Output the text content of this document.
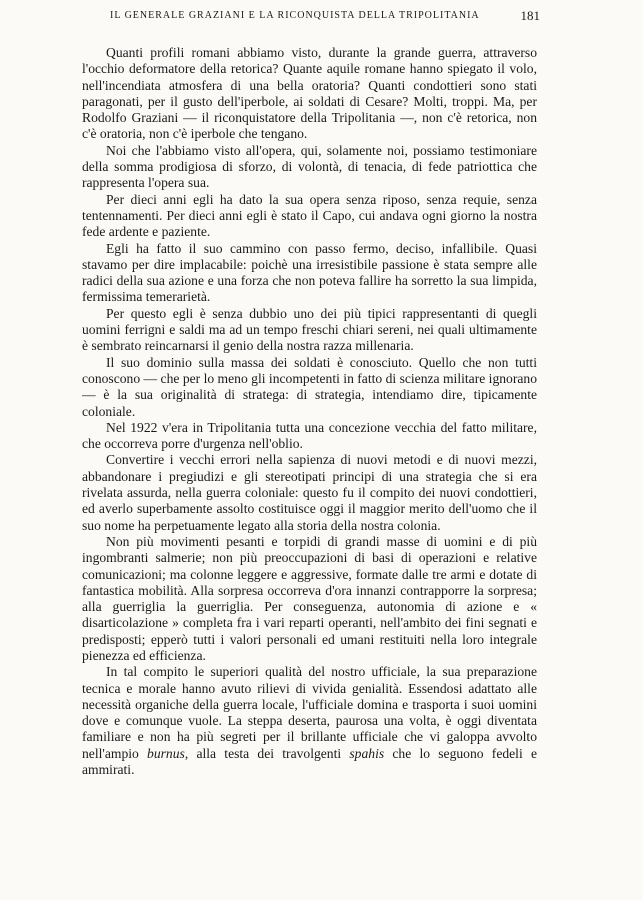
IL GENERALE GRAZIANI E LA RICONQUISTA DELLA TRIPOLITANIA	181

Quanti profili romani abbiamo visto, durante la grande guerra, attraverso l'occhio deformatore della retorica? Quante aquile romane hanno spiegato il volo, nell'incendiata atmosfera di una bella oratoria? Quanti condottieri sono stati paragonati, per il gusto dell'iperbole, ai soldati di Cesare? Molti, troppi. Ma, per Rodolfo Graziani — il riconquistatore della Tripolitania —, non c'è retorica, non c'è oratoria, non c'è iperbole che tengano.

Noi che l'abbiamo visto all'opera, qui, solamente noi, possiamo testimoniare della somma prodigiosa di sforzo, di volontà, di tenacia, di fede patriottica che rappresenta l'opera sua.

Per dieci anni egli ha dato la sua opera senza riposo, senza requie, senza tentennamenti. Per dieci anni egli è stato il Capo, cui andava ogni giorno la nostra fede ardente e paziente.

Egli ha fatto il suo cammino con passo fermo, deciso, infallibile. Quasi stavamo per dire implacabile: poichè una irresistibile passione è stata sempre alle radici della sua azione e una forza che non poteva fallire ha sorretto la sua limpida, fermissima temerarietà.

Per questo egli è senza dubbio uno dei più tipici rappresentanti di quegli uomini ferrigni e saldi ma ad un tempo freschi chiari sereni, nei quali ultimamente è sembrato reincarnarsi il genio della nostra razza millenaria.

Il suo dominio sulla massa dei soldati è conosciuto. Quello che non tutti conoscono — che per lo meno gli incompetenti in fatto di scienza militare ignorano — è la sua originalità di stratega: di strategia, intendiamo dire, tipicamente coloniale.

Nel 1922 v'era in Tripolitania tutta una concezione vecchia del fatto militare, che occorreva porre d'urgenza nell'oblio.

Convertire i vecchi errori nella sapienza di nuovi metodi e di nuovi mezzi, abbandonare i pregiudizi e gli stereotipati principi di una strategia che si era rivelata assurda, nella guerra coloniale: questo fu il compito dei nuovi condottieri, ed averlo superbamente assolto costituisce oggi il maggior merito dell'uomo che il suo nome ha perpetuamente legato alla storia della nostra colonia.

Non più movimenti pesanti e torpidi di grandi masse di uomini e di più ingombranti salmerie; non più preoccupazioni di basi di operazioni e relative comunicazioni; ma colonne leggere e aggressive, formate dalle tre armi e dotate di fantastica mobilità. Alla sorpresa occorreva d'ora innanzi contrapporre la sorpresa; alla guerriglia la guerriglia. Per conseguenza, autonomia di azione e « disarticolazione » completa fra i vari reparti operanti, nell'ambito dei fini segnati e predisposti; epperò tutti i valori personali ed umani restituiti nella loro integrale pienezza ed efficienza.

In tal compito le superiori qualità del nostro ufficiale, la sua preparazione tecnica e morale hanno avuto rilievi di vivida genialità. Essendosi adattato alle necessità organiche della guerra locale, l'ufficiale domina e trasporta i suoi uomini dove e comunque vuole. La steppa deserta, paurosa una volta, è oggi diventata familiare e non ha più segreti per il brillante ufficiale che vi galoppa avvolto nell'ampio burnus, alla testa dei travolgenti spahis che lo seguono fedeli e ammirati.
